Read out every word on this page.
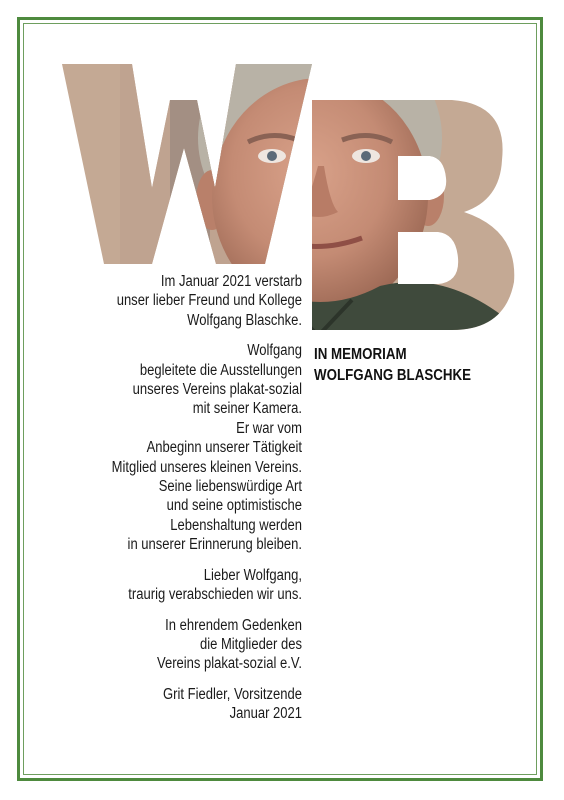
IN MEMORIAM
WOLFGANG BLASCHKE
Im Januar 2021 verstarb
unser lieber Freund und Kollege
Wolfgang Blaschke.
Wolfgang
begleitete die Ausstellungen
unseres Vereins plakat-sozial
mit seiner Kamera.
Er war vom
Anbeginn unserer Tätigkeit
Mitglied unseres kleinen Vereins.
Seine liebenswürdige Art
und seine optimistische
Lebenshaltung werden
in unserer Erinnerung bleiben.
Lieber Wolfgang,
traurig verabschieden wir uns.
In ehrendem Gedenken
die Mitglieder des
Vereins plakat-sozial e.V.
Grit Fiedler, Vorsitzende
Januar 2021
